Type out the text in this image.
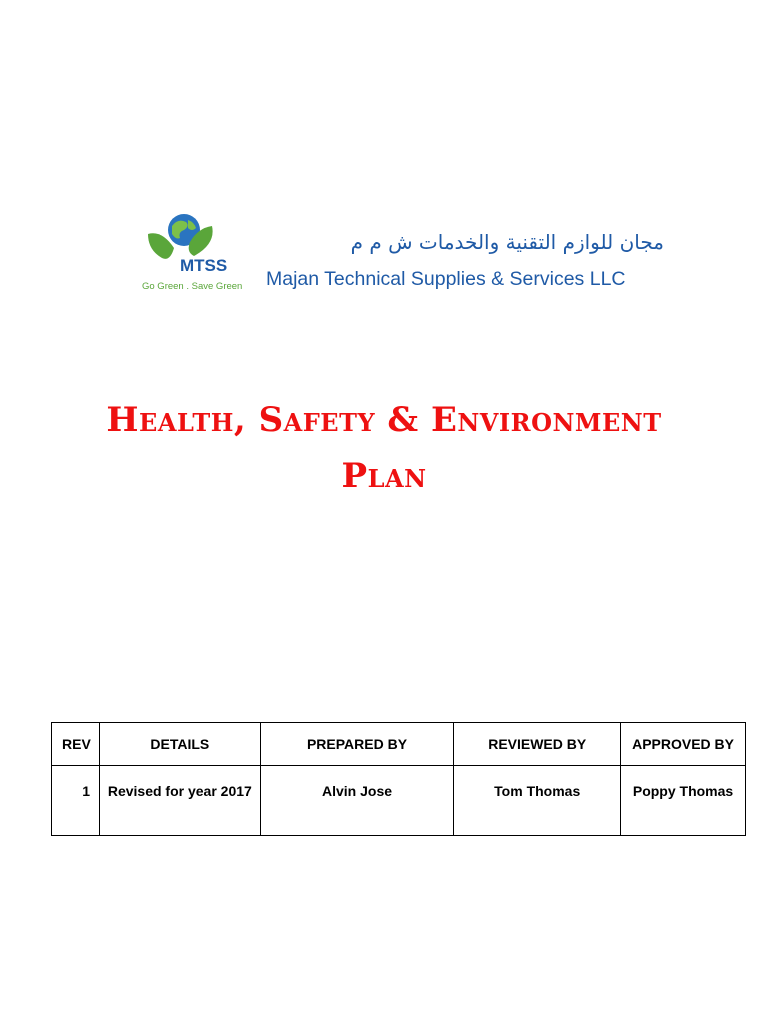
MTSS
Go Green . Save Green
مجان للوازم التقنية والخدمات ش م م
Majan Technical Supplies & Services LLC
Health, Safety & Environment
Plan
REV	DETAILS	PREPARED BY	REVIEWED BY	APPROVED BY
1	Revised for year 2017	Alvin Jose	Tom Thomas	Poppy Thomas
